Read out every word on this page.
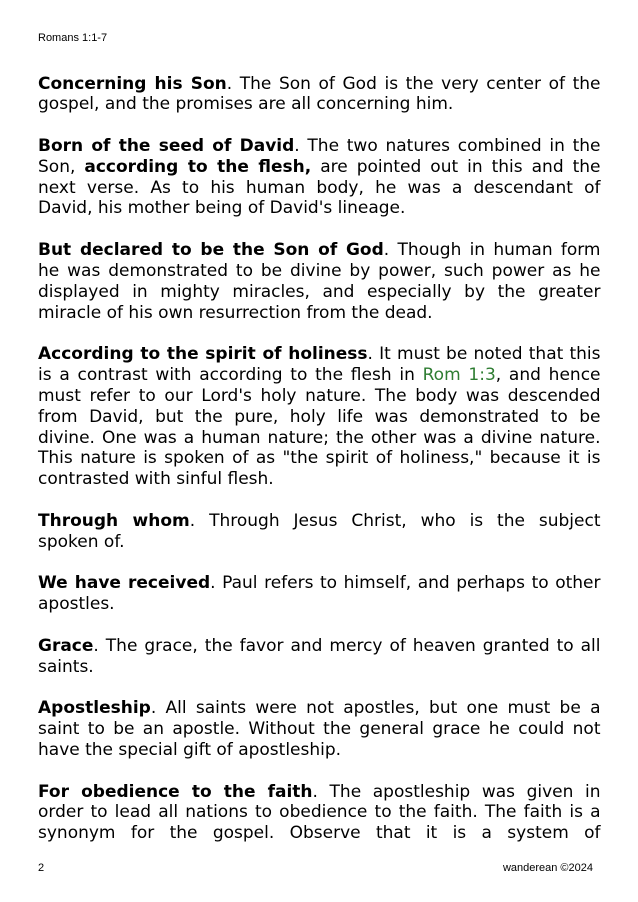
Romans 1:1-7
Concerning his Son. The Son of God is the very center of the
gospel, and the promises are all concerning him.
Born of the seed of David. The two natures combined in the
Son, according to the flesh, are pointed out in this and the
next verse. As to his human body, he was a descendant of
David, his mother being of David's lineage.
But declared to be the Son of God. Though in human form
he was demonstrated to be divine by power, such power as he
displayed in mighty miracles, and especially by the greater
miracle of his own resurrection from the dead.
According to the spirit of holiness. It must be noted that this
is a contrast with according to the flesh in Rom 1:3, and hence
must refer to our Lord's holy nature. The body was descended
from David, but the pure, holy life was demonstrated to be
divine. One was a human nature; the other was a divine nature.
This nature is spoken of as "the spirit of holiness," because it is
contrasted with sinful flesh.
Through whom. Through Jesus Christ, who is the subject
spoken of.
We have received. Paul refers to himself, and perhaps to other
apostles.
Grace. The grace, the favor and mercy of heaven granted to all
saints.
Apostleship. All saints were not apostles, but one must be a
saint to be an apostle. Without the general grace he could not
have the special gift of apostleship.
For obedience to the faith. The apostleship was given in
order to lead all nations to obedience to the faith. The faith is a
synonym for the gospel. Observe that it is a system of
2	wanderean ©2024
